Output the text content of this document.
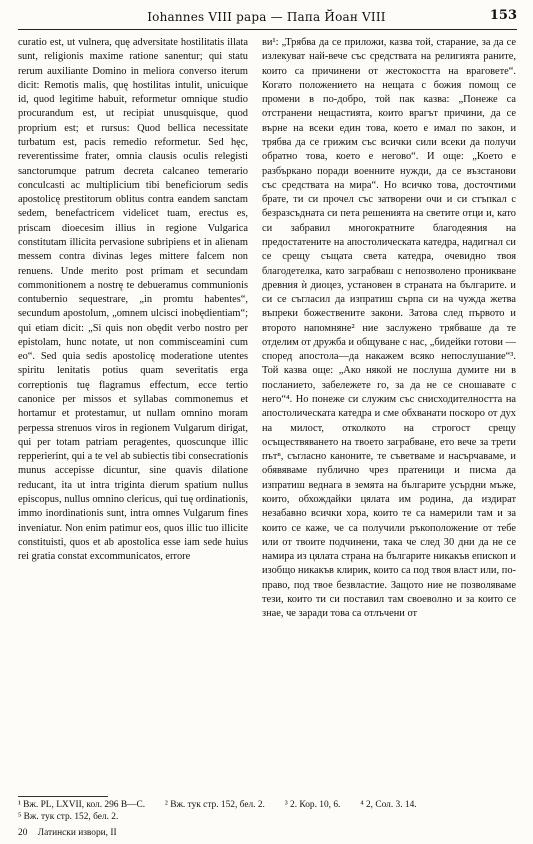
Iohannes VIII papa — Папа Йоан VIII	153

curatio est, ut vulnera, quę adversitate hostilitatis illata sunt, religionis maxime ratione sanentur; qui statu rerum auxiliante Domino in meliora converso iterum dicit: Remotis malis, quę hostilitas intulit, unicuique id, quod legitime habuit, reformetur omnique studio procurandum est, ut recipiat unusquisque, quod proprium est; et rursus: Quod bellica necessitate turbatum est, pacis remedio reformetur. Sed hęc, reverentissime frater, omnia clausis oculis relegisti sanctorumque patrum decreta calcaneo temerario conculcasti ac multiplicium tibi beneficiorum sedis apostolicę prestitorum oblitus contra eandem sanctam sedem, benefactricem videlicet tuam, erectus es, priscam dioecesim illius in regione Vulgarica constitutam illicita pervasione subripiens et in alienam messem contra divinas leges mittere falcem non renuens. Unde merito post primam et secundam commonitionem a nostrę te debueramus communionis contubernio sequestrare, „in promtu habentes“, secundum apostolum, „omnem ulcisci inobędientiam“; qui etiam dicit: „Si quis non obędit verbo nostro per epistolam, hunc notate, ut non commisceamini cum eo“. Sed quia sedis apostolicę moderatione utentes spiritu lenitatis potius quam severitatis erga correptionis tuę flagramus effectum, ecce tertio canonice per missos et syllabas commonemus et hortamur et protestamur, ut nullam omnino moram perpessa strenuos viros in regionem Vulgarum dirigat, qui per totam patriam peragentes, quoscunque illic repperierint, qui a te vel ab subiectis tibi consecrationis munus accepisse dicuntur, sine quavis dilatione reducant, ita ut intra triginta dierum spatium nullus episcopus, nullus omnino clericus, qui tuę ordinationis, immo inordinationis sunt, intra omnes Vulgarum fines inveniatur. Non enim patimur eos, quos illic tuo illicite constituisti, quos et ab apostolica esse iam sede huius rei gratia constat excommunicatos, errore

ви¹: „Трябва да се приложи, казва той, старание, за да се излекуват най-вече със средствата на религията раните, които са причинени от жестокостта на враговете“. Когато положението на нещата с божия помощ се промени в по-добро, той пак казва: „Понеже са отстранени нещастията, които врагът причини, да се върне на всеки един това, което е имал по закон, и трябва да се грижим със всички сили всеки да получи обратно това, което е негово“. И още: „Което е разбъркано поради военните нужди, да се възстанови със средствата на мира“. Но всичко това, досточтими брате, ти си прочел със затворени очи и си стъпкал с безразсъдната си пета решенията на светите отци и, като си забравил многократните благодеяния на предостатените на апостолическата катедра, надигнал си се срещу същата света катедра, очевидно твоя благодетелка, като заграбваш с непозволено проникване древния ѝ диоцез, установен в страната на българите. и си се съгласил да изпратиш сърпа си на чужда жетва въпреки божествените закони. Затова след първото и второто напомняне² ние заслужено трябваше да те отделим от дружба и общуване с нас, „бидейки готови — според апостола—да накажем всяко непослушание“³. Той казва още: „Ако някой не послуша думите ни в посланието, забележете го, за да не се сношавате с него“⁴. Но понеже си служим със снисходителността на апостолическата катедра и сме обхванати поскоро от дух на милост, отколкото на строгост срещу осъществяването на твоето заграбване, ето вече за трети пътⁿ, съгласно каноните, те съветваме и насърчаваме, и обявяваме публично чрез пратеници и писма да изпратиш веднага в земята на българите усърдни мъже, които, обхождайки цялата им родина, да издират незабавно всички хора, които те са намерили там и за които се каже, че са получили ръкоположение от тебе или от твоите подчинени, така че след 30 дни да не се намира из цялата страна на българите никакъв епископ и изобщо никакъв клирик, които са под твоя власт или, по-право, под твое безвластие. Защото ние не позволяваме тези, които ти си поставил там своеволно и за които се знае, че заради това са отлъчени от

¹ Вж. PL, LXVII, кол. 296 B—C. ² Вж. тук стр. 152, бел. 2. ³ 2. Кор. 10, 6. ⁴ 2, Сол. 3. 14.
⁵ Вж. тук стр. 152, бел. 2.
20 Латински извори, II
